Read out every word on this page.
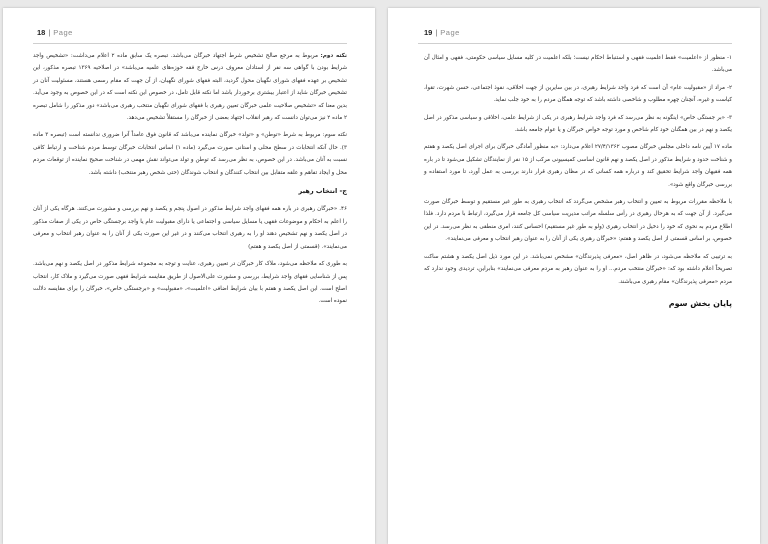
18 | Page

نکته دوم: مربوط به مرجع صالح تشخیص شرط اجتهاد خبرگان می‌باشد. تبصره یک سابق ماده ۲ اعلام می‌داشت: «تشخیص واجد شرایط بودن با گواهی سه نفر از استادان معروف درس خارج فقه حوزه‌های علمیه می‌باشد» در اصلاحیه ۱۳۶۹ تبصره مذکور، این تشخیص بر عهده فقهای شورای نگهبان محول گردید، البته فقهای شورای نگهبان، از آن جهت که مقام رسمی هستند، مسئولیت آنان در تشخیص خبرگان شاید از اعتبار بیشتری برخوردار باشد اما نکته قابل تامل، در خصوص این نکته است که در این خصوص به وجود می‌آید. بدین معنا که «تشخیص صلاحیت علمی خبرگان تعیین رهبری با فقهای شورای نگهبان منتخب رهبری می‌باشد» دور مذکور را شامل تبصره ۲ ماده ۲ نیز می‌توان دانست که رهبر انقلاب اجتهاد بعضی از خبرگان را مستقلاً تشخیص می‌دهد.

نکته سوم: مربوط به شرط «توطن» و «تولد» خبرگان نماینده می‌باشد که قانون فوق عامداً آنرا ضروری ندانسته است (تبصره ۳ ماده ۳). حال آنکه انتخابات در سطح محلی و استانی صورت می‌گیرد (ماده ۱) اساس انتخابات خبرگان توسط مردم شناخت و ارتباط کافی نسبت به آنان می‌باشد. در این خصوص، به نظر می‌رسد که توطن و تولد می‌تواند نقش مهمی در شناخت صحیح نماینده از توقعات مردم محل و ایجاد تفاهم و علقه متقابل بین انتخاب کنندگان و انتخاب شوندگان (حتی شخص رهبر منتخب) داشته باشد.

ج- انتخاب رهبر

۴۶. «خبرگان رهبری در باره همه فقهای واجد شرایط مذکور در اصول پنجم و یکصد و نهم بررسی و مشورت می‌کنند. هرگاه یکی از آنان را اعلم به احکام و موضوعات فقهی یا مسایل سیاسی و اجتماعی یا دارای مقبولیت عام یا واجد برجستگی خاص در یکی از صفات مذکور در اصل یکصد و نهم تشخیص دهند او را به رهبری انتخاب می‌کنند و در غیر این صورت یکی از آنان را به عنوان رهبر انتخاب و معرفی می‌نمایند». (قسمتی از اصل یکصد و هفتم)

به طوری که ملاحظه می‌شود، ملاک کار خبرگان در تعیین رهبری، عنایت و توجه به مجموعه شرایط مذکور در اصل یکصد و نهم می‌باشد. پس از شناسایی فقهای واجد شرایط، بررسی و مشورت علی‌الاصول از طریق مقایسه شرایط فقهی صورت می‌گیرد و ملاک کار، انتخاب اصلح است. این اصل یکصد و هفتم با بیان شرایط اضافی «اعلمیت»، «مقبولیت» و «برجستگی خاص»، خبرگان را برای مقایسه دلالت نموده است.

19 | Page

۱- منظور از «اعلمیت» فقط اعلمیت فقهی و استنباط احکام نیست؛ بلکه اعلمیت در کلیه مسایل سیاسی حکومتی، فقهی و امثال آن می‌باشد.

۲- مراد از «مقبولیت عام» آن است که فرد واجد شرایط رهبری، در بین سایرین از جهت اخلاقی، نفوذ اجتماعی، حسن شهرت، تقوا، کیاست و غیره، آنچنان چهره مطلوب و شاخصی داشته باشد که توجه همگان مردم را به خود جلب نماید.

۳- «بر جستگی خاص» اینگونه به نظر می‌رسد که فرد واجد شرایط رهبری در یکی از شرایط علمی، اخلاقی و سیاسی مذکور در اصل یکصد و نهم در بین همگنان خود کام شاخص و مورد توجه خواص خبرگان و یا عوام جامعه باشد.

ماده ۱۷ آیین نامه داخلی مجلس خبرگان مصوب ۲۷/۴/۱۳۶۲ اعلام می‌دارد: «به منظور آمادگی خبرگان برای اجرای اصل یکصد و هفتم و شناخت حدود و شرایط مذکور در اصل یکصد و نهم قانون اساسی کمیسیونی مرکب از ۱۵ نفر از نمایندگان تشکیل می‌شود تا در باره همه فقیهان واجد شرایط تحقیق کند و درباره همه کسانی که در مظان رهبری قرار دارند بررسی به عمل آورد، تا مورد استفاده و بررسی خبرگان واقع شود».

با ملاحظه مقررات مربوط به تعیین و انتخاب رهبر مشخص می‌گردد که انتخاب رهبری به طور غیر مستقیم و توسط خبرگان صورت می‌گیرد. از آن جهت که به هرحال رهبری در رأس سلسله مراتب مدیریت سیاسی کل جامعه قرار می‌گیرد، ارتباط با مردم دارد. فلذا اطلاع مردم به نحوی که خود را دخیل در انتخاب رهبری (ولو به طور غیر مستقیم) احساس کنند، امری منطقی به نظر می‌رسد. در این خصوص، بر اساس قسمتی از اصل یکصد و هفتم: «خبرگان رهبری یکی از آنان را به عنوان رهبر انتخاب و معرفی می‌نمایند».

به ترتیبی که ملاحظه می‌شود، در ظاهر اصل، «معرفی پذیرندگان» مشخص نمی‌باشد. در این مورد ذیل اصل یکصد و هشتم ساکت تصریحاً اعلام داشته بود که: «خبرگان منتخب مردم... او را به عنوان رهبر به مردم معرفی می‌نمایند» بنابراین، تردیدی وجود ندارد که مردم «معرفی پذیرندگان» مقام رهبری می‌باشند.

پایان بخش سوم
